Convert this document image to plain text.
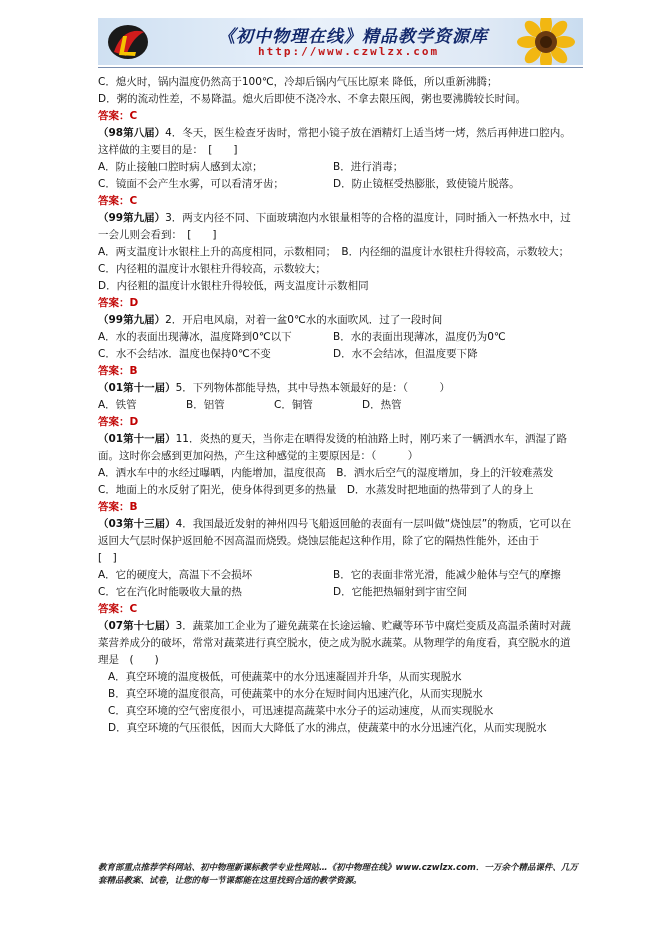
《初中物理在线》精品教学资源库
http://www.czwlzx.com
C．熄火时，锅内温度仍然高于100℃，冷却后锅内气压比原来 降低，所以重新沸腾；
D．粥的流动性差，不易降温。熄火后即使不浇冷水、不拿去限压阀，粥也要沸腾较长时间。
答案：C
（98第八届）4．冬天，医生检查牙齿时，常把小镜子放在酒精灯上适当烤一烤，然后再伸进口腔内。这样做的主要目的是：　[　　]
A．防止接触口腔时病人感到太凉；	B．进行消毒；
C．镜面不会产生水雾，可以看清牙齿；	D．防止镜框受热膨胀，致使镜片脱落。
答案：C
（99第九届）3．两支内径不同、下面玻璃泡内水银量相等的合格的温度计，同时插入一杯热水中，过一会儿则会看到：　[　　]
A．两支温度计水银柱上升的高度相同，示数相同；　B．内径细的温度计水银柱升得较高，示数较大；
C．内径粗的温度计水银柱升得较高，示数较大；
D．内径粗的温度计水银柱升得较低，两支温度计示数相同
答案：D
（99第九届）2．开启电风扇，对着一盆0℃水的水面吹风．过了一段时间
A．水的表面出现薄冰，温度降到0℃以下	B．水的表面出现薄冰，温度仍为0℃
C．水不会结冰．温度也保持0℃不变	D．水不会结冰，但温度要下降
答案：B
（01第十一届）5．下列物体都能导热，其中导热本领最好的是：（　　　）
A．铁管	B．铝管	C．铜管	D．热管
答案：D
（01第十一届）11．炎热的夏天，当你走在晒得发烫的柏油路上时，刚巧来了一辆洒水车，洒湿了路面。这时你会感到更加闷热，产生这种感觉的主要原因是：（　　　）
A．洒水车中的水经过曝晒，内能增加，温度很高　 B．洒水后空气的湿度增加，身上的汗较难蒸发
C．地面上的水反射了阳光，使身体得到更多的热量　 D．水蒸发时把地面的热带到了人的身上
答案：B
（03第十三届）4．我国最近发射的神州四号飞船返回舱的表面有一层叫做“烧蚀层”的物质，它可以在返回大气层时保护返回舱不因高温而烧毁。烧蚀层能起这种作用，除了它的隔热性能外，还由于　　[　]
A．它的硬度大，高温下不会损坏	B．它的表面非常光滑，能减少舱体与空气的摩擦
C．它在汽化时能吸收大量的热	D．它能把热辐射到宇宙空间
答案：C
（07第十七届）3．蔬菜加工企业为了避免蔬菜在长途运输、贮藏等环节中腐烂变质及高温杀菌时对蔬菜营养成分的破坏，常常对蔬菜进行真空脱水，使之成为脱水蔬菜。从物理学的角度看，真空脱水的道理是　(　　)
A．真空环境的温度极低，可使蔬菜中的水分迅速凝固并升华，从而实现脱水
B．真空环境的温度很高，可使蔬菜中的水分在短时间内迅速汽化，从而实现脱水
C．真空环境的空气密度很小，可迅速提高蔬菜中水分子的运动速度，从而实现脱水
D．真空环境的气压很低，因而大大降低了水的沸点，使蔬菜中的水分迅速汽化，从而实现脱水
教育部重点推荐学科网站、初中物理新课标教学专业性网站…《初中物理在线》www.czwlzx.com．一万余个精品课件、几万套精品教案、试卷，让您的每一节课都能在这里找到合适的教学资源。
